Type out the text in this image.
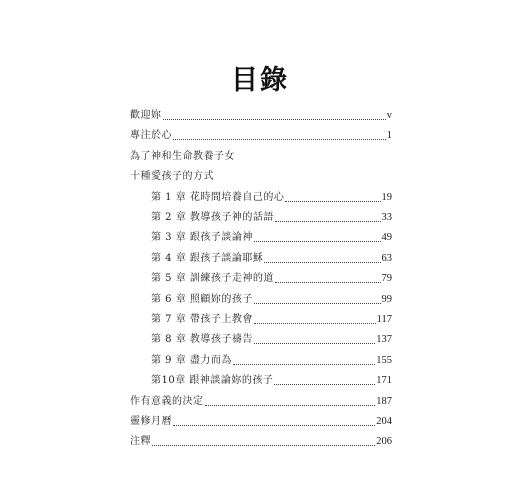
目錄
歡迎妳	v
專注於心	1
為了神和生命教養子女
十種愛孩子的方式
第 1 章 花時間培養自己的心	19
第 2 章 教導孩子神的話語	33
第 3 章 跟孩子談論神	49
第 4 章 跟孩子談論耶穌	63
第 5 章 訓練孩子走神的道	79
第 6 章 照顧妳的孩子	99
第 7 章 帶孩子上教會	117
第 8 章 教導孩子禱告	137
第 9 章 盡力而為	155
第10章 跟神談論妳的孩子	171
作有意義的決定	187
靈修月曆	204
注釋	206
